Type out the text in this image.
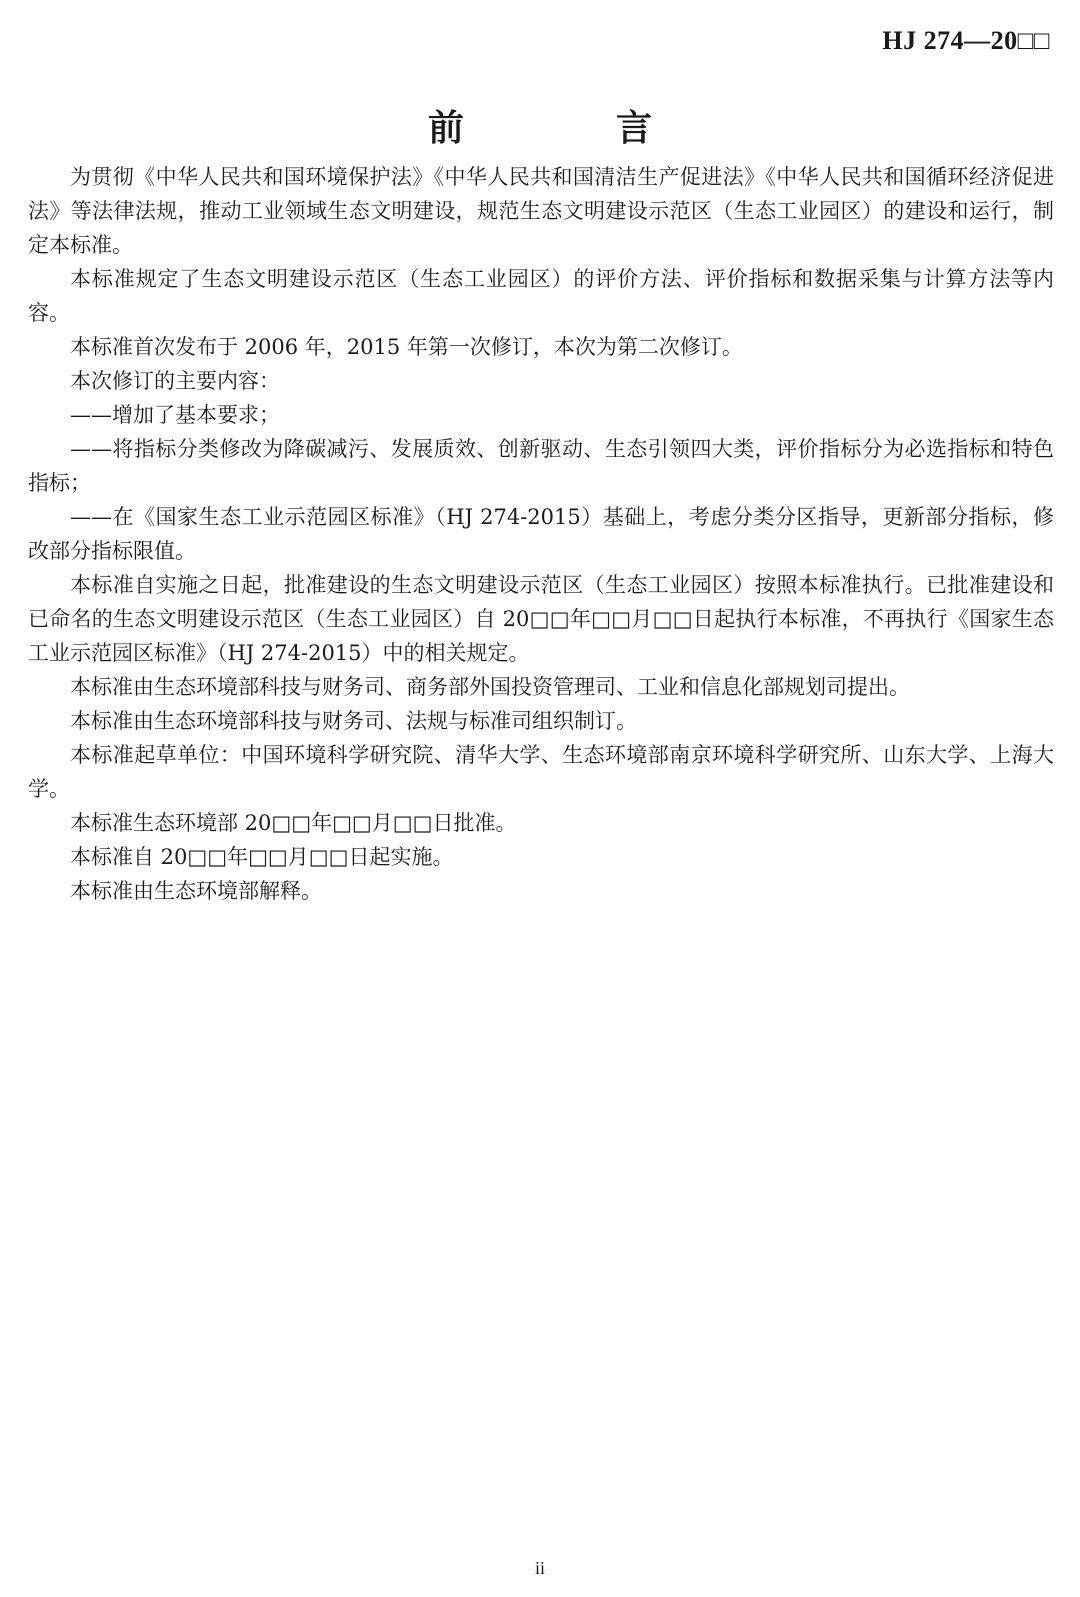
HJ 274—20□□
前　言

为贯彻《中华人民共和国环境保护法》《中华人民共和国清洁生产促进法》《中华人民共和国循环经济促进法》等法律法规，推动工业领域生态文明建设，规范生态文明建设示范区（生态工业园区）的建设和运行，制定本标准。

本标准规定了生态文明建设示范区（生态工业园区）的评价方法、评价指标和数据采集与计算方法等内容。

本标准首次发布于 2006 年，2015 年第一次修订，本次为第二次修订。

本次修订的主要内容：

——增加了基本要求；

——将指标分类修改为降碳减污、发展质效、创新驱动、生态引领四大类，评价指标分为必选指标和特色指标；

——在《国家生态工业示范园区标准》（HJ 274-2015）基础上，考虑分类分区指导，更新部分指标，修改部分指标限值。

本标准自实施之日起，批准建设的生态文明建设示范区（生态工业园区）按照本标准执行。已批准建设和已命名的生态文明建设示范区（生态工业园区）自 20□□年□□月□□日起执行本标准，不再执行《国家生态工业示范园区标准》（HJ 274-2015）中的相关规定。

本标准由生态环境部科技与财务司、商务部外国投资管理司、工业和信息化部规划司提出。

本标准由生态环境部科技与财务司、法规与标准司组织制订。

本标准起草单位：中国环境科学研究院、清华大学、生态环境部南京环境科学研究所、山东大学、上海大学。

本标准生态环境部 20□□年□□月□□日批准。

本标准自 20□□年□□月□□日起实施。

本标准由生态环境部解释。

ii
